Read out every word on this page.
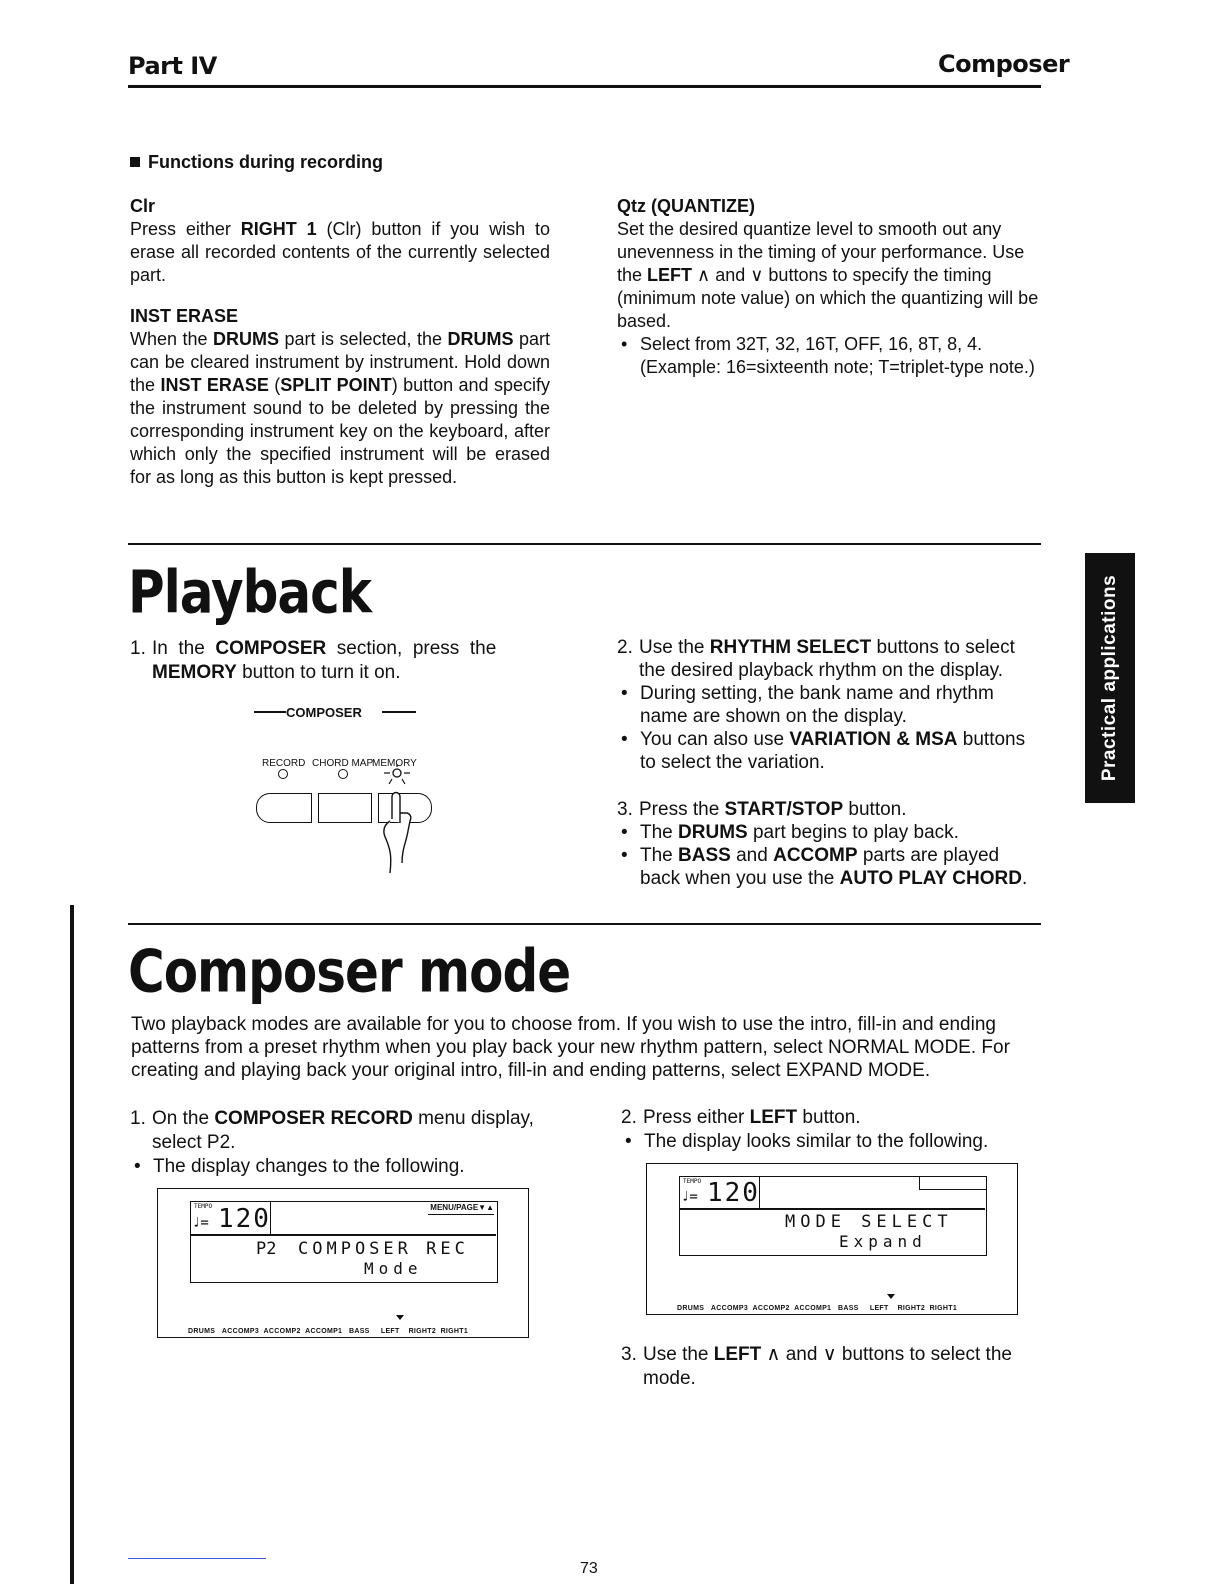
Part IV	Composer
Functions during recording
Clr

Press either RIGHT 1 (Clr) button if you wish to erase all recorded contents of the currently selected part.

INST ERASE

When the DRUMS part is selected, the DRUMS part can be cleared instrument by instrument. Hold down the INST ERASE (SPLIT POINT) button and specify the instrument sound to be deleted by pressing the corresponding instrument key on the keyboard, after which only the specified instrument will be erased for as long as this button is kept pressed.

Qtz (QUANTIZE)

Set the desired quantize level to smooth out any unevenness in the timing of your performance. Use the LEFT ∧ and ∨ buttons to specify the timing (minimum note value) on which the quantizing will be based.

• Select from 32T, 32, 16T, OFF, 16, 8T, 8, 4. (Example: 16=sixteenth note; T=triplet-type note.)

Playback

1. In  the  COMPOSER  section,  press  the MEMORY button to turn it on.

COMPOSER
RECORD CHORD MAP
MEMORY

2. Use the RHYTHM SELECT buttons to select the desired playback rhythm on the display.

• During setting, the bank name and rhythm name are shown on the display.

• You can also use VARIATION & MSA buttons to select the variation.

3. Press the START/STOP button.

• The DRUMS part begins to play back.

• The BASS and ACCOMP parts are played back when you use the AUTO PLAY CHORD.

Composer mode

Two playback modes are available for you to choose from. If you wish to use the intro, fill-in and ending patterns from a preset rhythm when you play back your new rhythm pattern, select NORMAL MODE. For creating and playing back your original intro, fill-in and ending patterns, select EXPAND MODE.

1. On the COMPOSER RECORD menu display, select P2.

• The display changes to the following.

TEMPO
♩= 120	MENU/PAGE▼▲
P2 COMPOSER REC
Mode
DRUMS ACCOMP3 ACCOMP2 ACCOMP1 BASS LEFT RIGHT2 RIGHT1

2. Press either LEFT button.

• The display looks similar to the following.

TEMPO
♩= 120
MODE SELECT
Expand
DRUMS ACCOMP3 ACCOMP2 ACCOMP1 BASS LEFT RIGHT2 RIGHT1

3. Use the LEFT ∧ and ∨ buttons to select the mode.

Practical applications
73
